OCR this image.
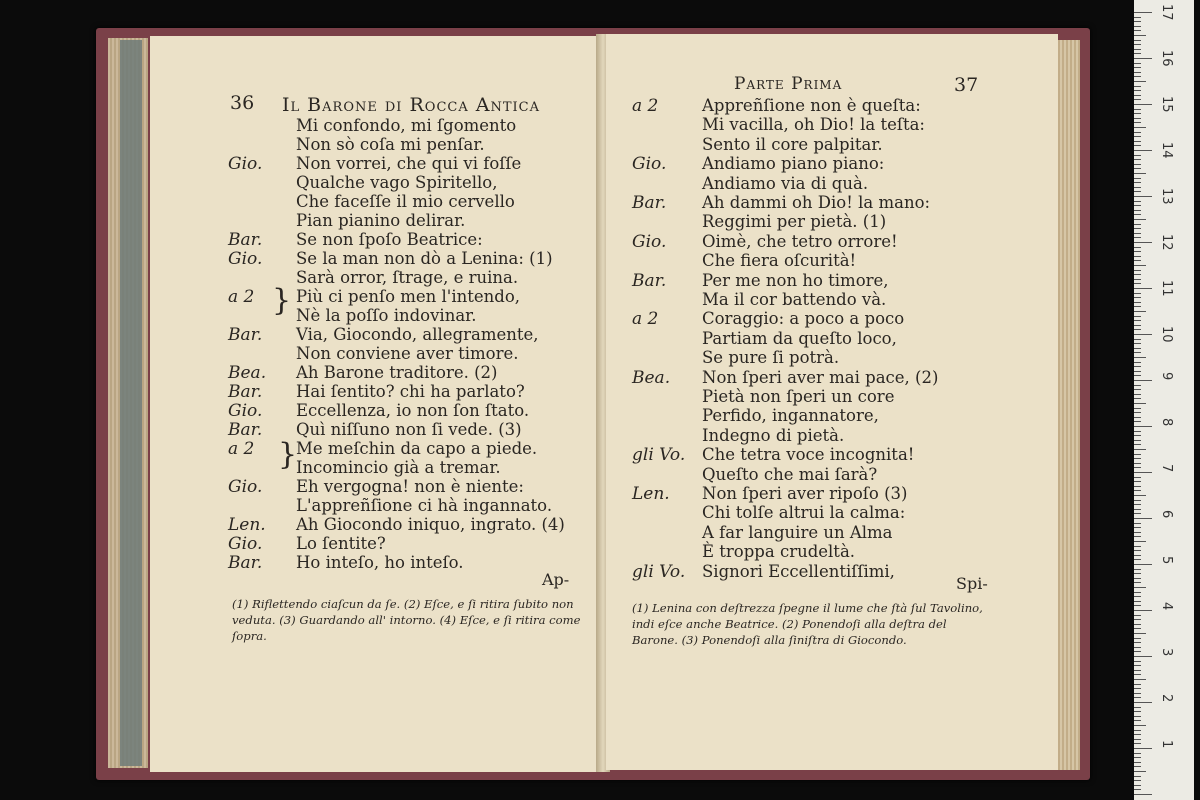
36 Il Barone di Rocca Antica
Mi confondo, mi ſgomento
Non sò coſa mi penſar.
Gio. Non vorrei, che qui vi foſſe
Qualche vago Spiritello,
Che faceſſe il mio cervello
Pian pianino delirar.
Bar. Se non ſpoſo Beatrice:
Gio. Se la man non dò a Lenina: (1)
Sarà orror, ſtrage, e ruina.
a 2	Più ci penſo men l'intendo,
Nè la poſſo indovinar.
Bar. Via, Giocondo, allegramente,
Non conviene aver timore.
Bea. Ah Barone traditore. (2)
Bar. Hai ſentito? chi ha parlato?
Gio. Eccellenza, io non ſon ſtato.
Bar. Quì niſſuno non ſi vede. (3)
a 2	Me meſchin da capo a piede.
Incomincio già a tremar.
Gio. Eh vergogna! non è niente:
L'appreñſione ci hà ingannato.
Len. Ah Giocondo iniquo, ingrato. (4)
Gio. Lo ſentite?
Bar. Ho inteſo, ho inteſo.
}
}
Ap-
(1) Riflettendo ciaſcun da ſe. (2) Eſce, e ſi ritira ſubito non veduta. (3) Guardando all' intorno. (4) Eſce, e ſi ritira come ſopra.
Parte Prima	37
a 2	Appreñſione non è queſta:
Mi vacilla, oh Dio! la teſta:
Sento il core palpitar.
Gio. Andiamo piano piano:
Andiamo via di quà.
Bar. Ah dammi oh Dio! la mano:
Reggimi per pietà. (1)
Gio. Oimè, che tetro orrore!
Che fiera oſcurità!
Bar. Per me non ho timore,
Ma il cor battendo và.
a 2	Coraggio: a poco a poco
Partiam da queſto loco,
Se pure ſi potrà.
Bea. Non ſperi aver mai pace, (2)
Pietà non ſperi un core
Perfido, ingannatore,
Indegno di pietà.
gli Vo. Che tetra voce incognita!
Queſto che mai ſarà?
Len. Non ſperi aver ripoſo (3)
Chi tolſe altrui la calma:
A far languire un Alma
È troppa crudeltà.
gli Vo. Signori Eccellentiſſimi,
Spi-
(1) Lenina con deſtrezza ſpegne il lume che ſtà ſul Tavolino, indi eſce anche Beatrice. (2) Ponendoſi alla deſtra del Barone. (3) Ponendoſi alla ſiniſtra di Giocondo.
17
16
15
14
13
12
11
10
9
8
7
6
5
4
3
2
1
